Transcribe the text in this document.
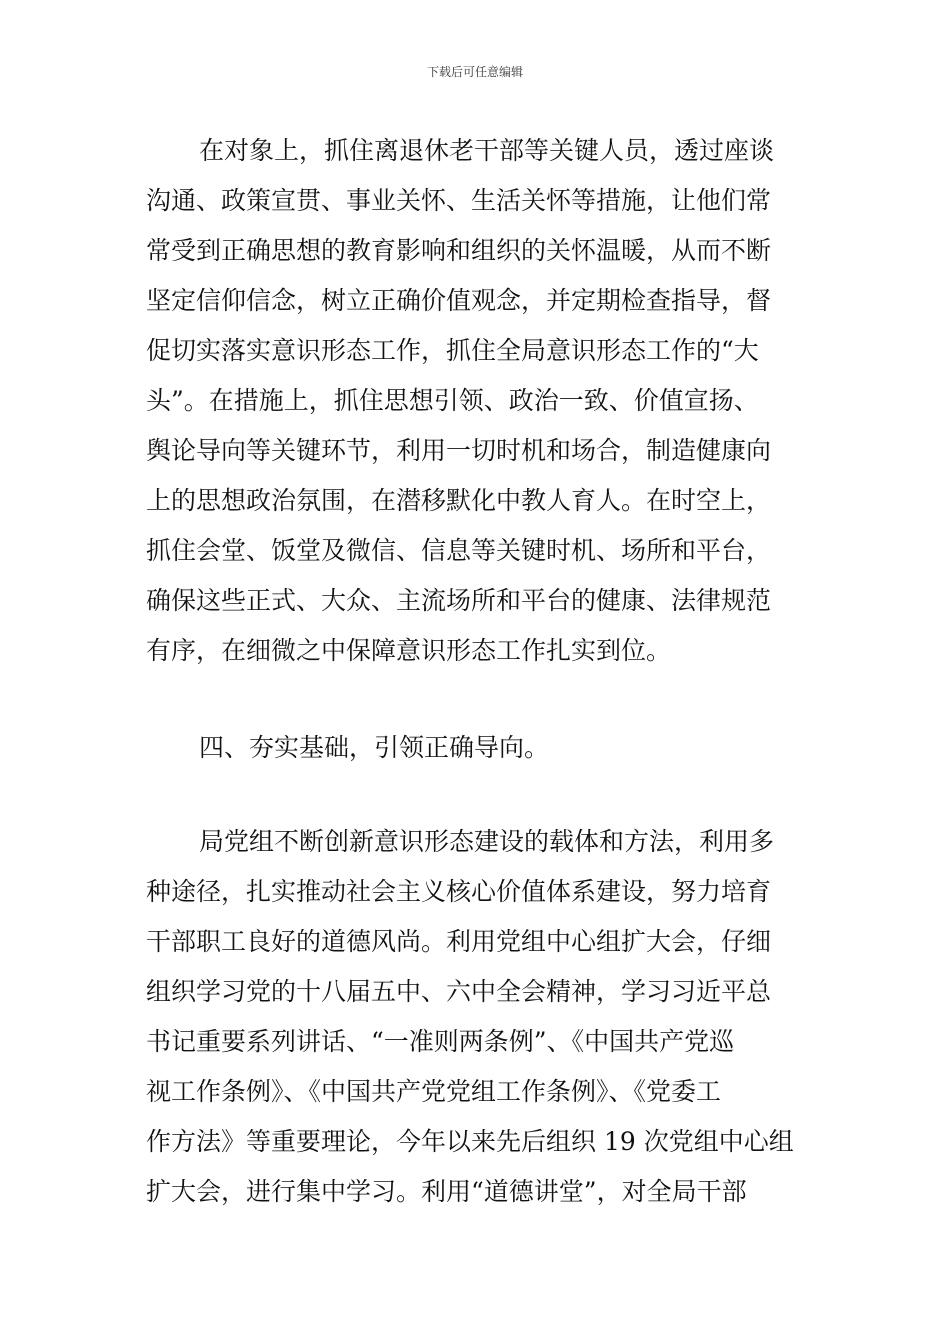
下载后可任意编辑
在对象上，抓住离退休老干部等关键人员，透过座谈
沟通、政策宣贯、事业关怀、生活关怀等措施，让他们常
常受到正确思想的教育影响和组织的关怀温暖，从而不断
坚定信仰信念，树立正确价值观念，并定期检查指导，督
促切实落实意识形态工作，抓住全局意识形态工作的“大
头”。在措施上，抓住思想引领、政治一致、价值宣扬、
舆论导向等关键环节，利用一切时机和场合，制造健康向
上的思想政治氛围，在潜移默化中教人育人。在时空上，
抓住会堂、饭堂及微信、信息等关键时机、场所和平台，
确保这些正式、大众、主流场所和平台的健康、法律规范
有序，在细微之中保障意识形态工作扎实到位。
四、夯实基础，引领正确导向。
局党组不断创新意识形态建设的载体和方法，利用多
种途径，扎实推动社会主义核心价值体系建设，努力培育
干部职工良好的道德风尚。利用党组中心组扩大会，仔细
组织学习党的十八届五中、六中全会精神，学习习近平总
书记重要系列讲话、“一准则两条例”、《中国共产党巡
视工作条例》、《中国共产党党组工作条例》、《党委工
作方法》等重要理论，今年以来先后组织 19 次党组中心组
扩大会，进行集中学习。利用“道德讲堂”，对全局干部
